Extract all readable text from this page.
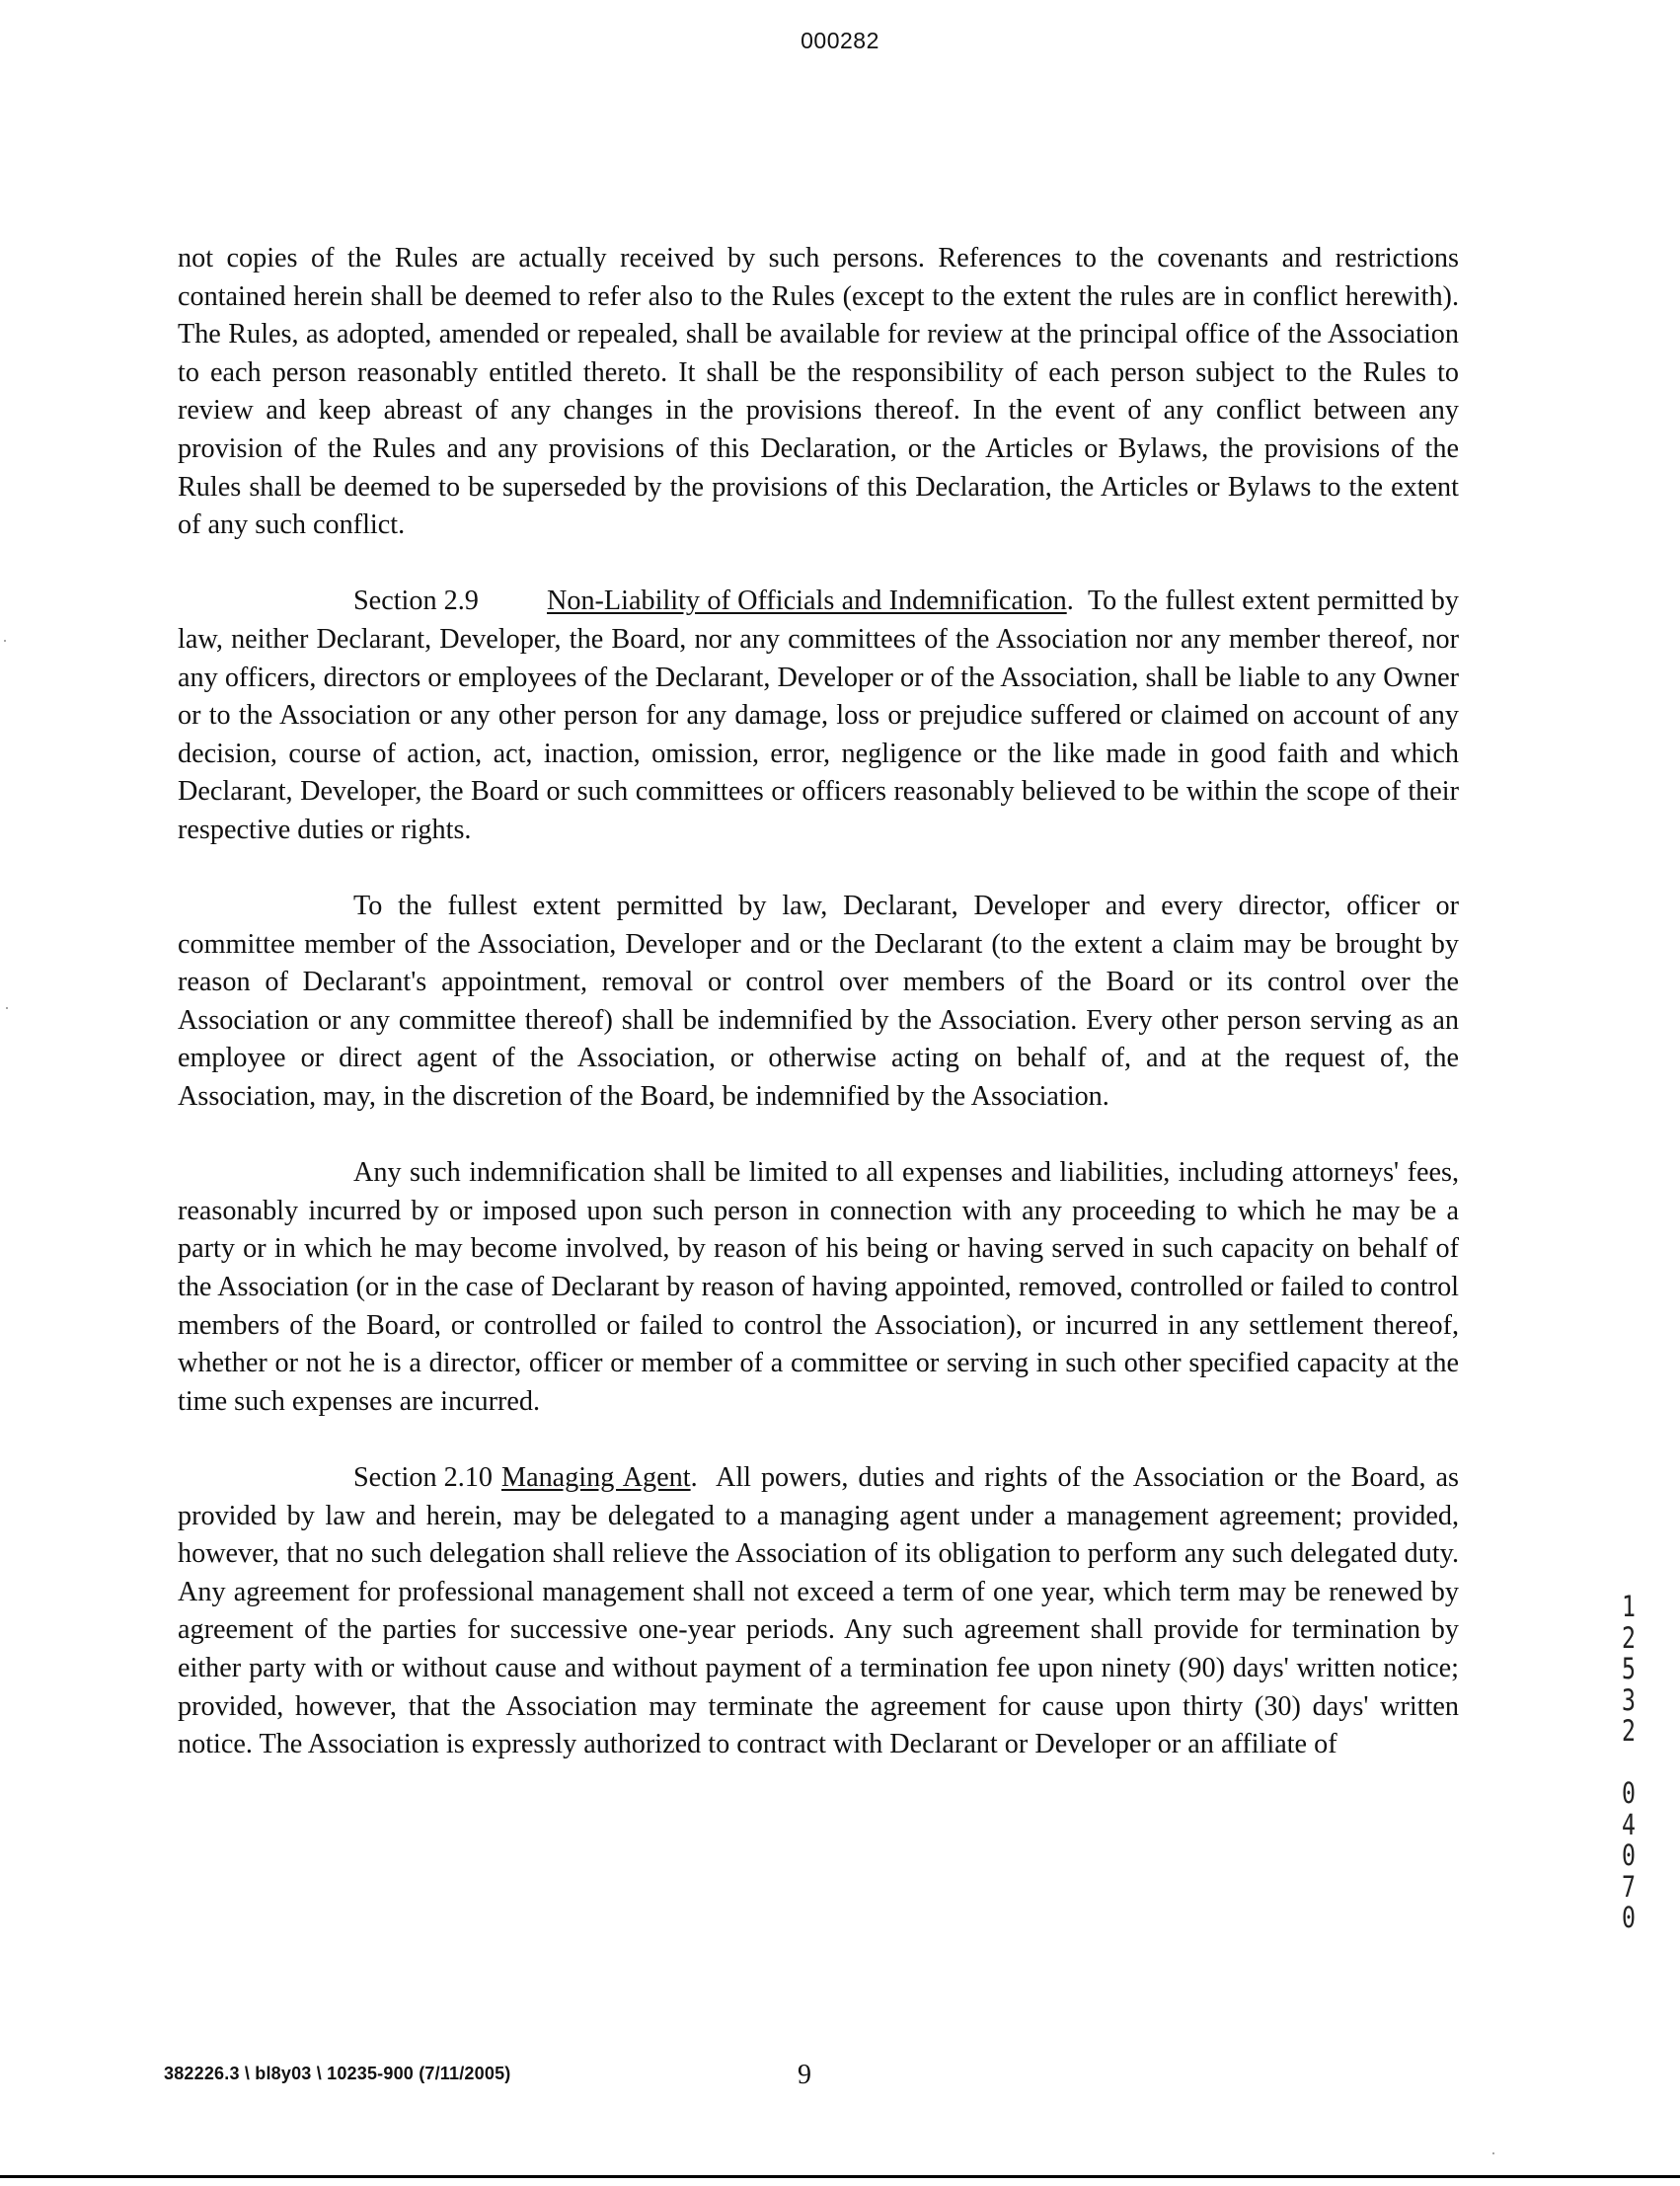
000282

not copies of the Rules are actually received by such persons. References to the covenants and restrictions contained herein shall be deemed to refer also to the Rules (except to the extent the rules are in conflict herewith). The Rules, as adopted, amended or repealed, shall be available for review at the principal office of the Association to each person reasonably entitled thereto. It shall be the responsibility of each person subject to the Rules to review and keep abreast of any changes in the provisions thereof. In the event of any conflict between any provision of the Rules and any provisions of this Declaration, or the Articles or Bylaws, the provisions of the Rules shall be deemed to be superseded by the provisions of this Declaration, the Articles or Bylaws to the extent of any such conflict.

Section 2.9 Non-Liability of Officials and Indemnification.  To the fullest extent permitted by law, neither Declarant, Developer, the Board, nor any committees of the Association nor any member thereof, nor any officers, directors or employees of the Declarant, Developer or of the Association, shall be liable to any Owner or to the Association or any other person for any damage, loss or prejudice suffered or claimed on account of any decision, course of action, act, inaction, omission, error, negligence or the like made in good faith and which Declarant, Developer, the Board or such committees or officers reasonably believed to be within the scope of their respective duties or rights.

To the fullest extent permitted by law, Declarant, Developer and every director, officer or committee member of the Association, Developer and or the Declarant (to the extent a claim may be brought by reason of Declarant's appointment, removal or control over members of the Board or its control over the Association or any committee thereof) shall be indemnified by the Association. Every other person serving as an employee or direct agent of the Association, or otherwise acting on behalf of, and at the request of, the Association, may, in the discretion of the Board, be indemnified by the Association.

Any such indemnification shall be limited to all expenses and liabilities, including attorneys' fees, reasonably incurred by or imposed upon such person in connection with any proceeding to which he may be a party or in which he may become involved, by reason of his being or having served in such capacity on behalf of the Association (or in the case of Declarant by reason of having appointed, removed, controlled or failed to control members of the Board, or controlled or failed to control the Association), or incurred in any settlement thereof, whether or not he is a director, officer or member of a committee or serving in such other specified capacity at the time such expenses are incurred.

Section 2.10 Managing Agent.  All powers, duties and rights of the Association or the Board, as provided by law and herein, may be delegated to a managing agent under a management agreement; provided, however, that no such delegation shall relieve the Association of its obligation to perform any such delegated duty. Any agreement for professional management shall not exceed a term of one year, which term may be renewed by agreement of the parties for successive one-year periods. Any such agreement shall provide for termination by either party with or without cause and without payment of a termination fee upon ninety (90) days' written notice; provided, however, that the Association may terminate the agreement for cause upon thirty (30) days' written notice. The Association is expressly authorized to contract with Declarant or Developer or an affiliate of

1
2
5
3
2

0
4
0
7
0
382226.3 \ bl8y03 \ 10235-900 (7/11/2005)	9
